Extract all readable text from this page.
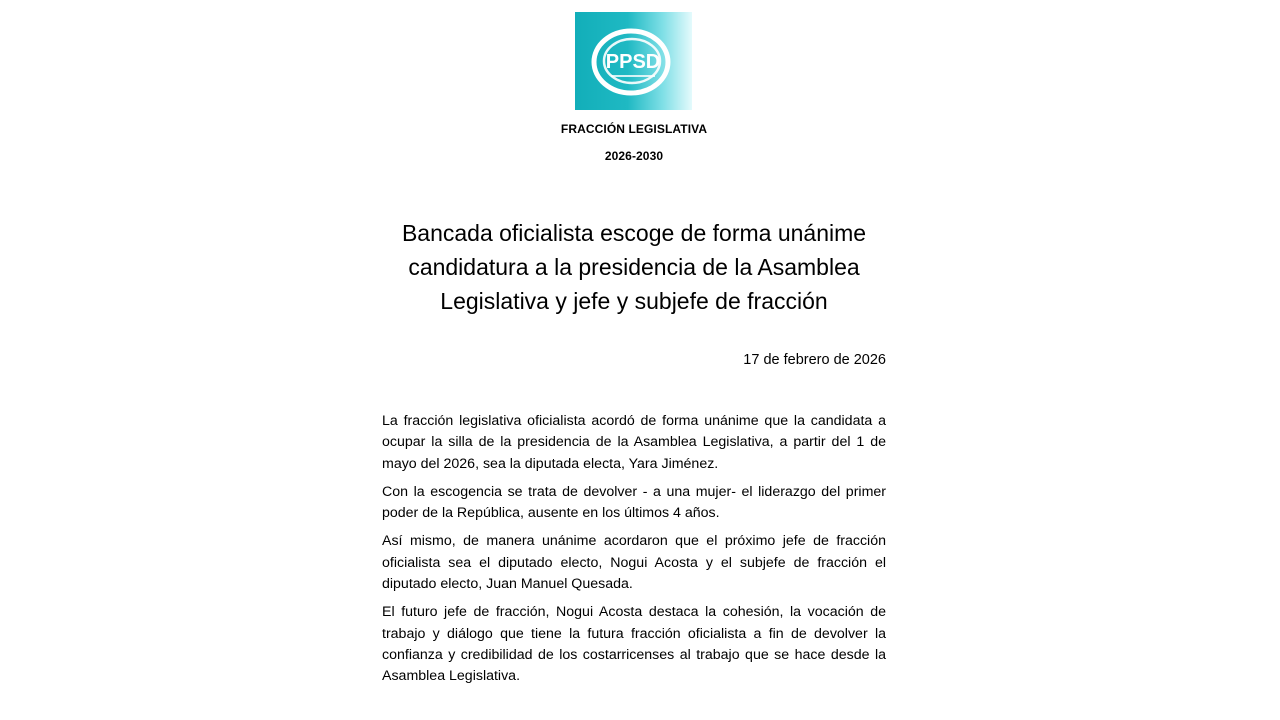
PPSD
FRACCIÓN LEGISLATIVA
2026-2030
Bancada oficialista escoge de forma unánime candidatura a la presidencia de la Asamblea Legislativa y jefe y subjefe de fracción
17 de febrero de 2026

La fracción legislativa oficialista acordó de forma unánime que la candidata a ocupar la silla de la presidencia de la Asamblea Legislativa, a partir del 1 de mayo del 2026, sea la diputada electa, Yara Jiménez.

Con la escogencia se trata de devolver - a una mujer- el liderazgo del primer poder de la República, ausente en los últimos 4 años.

Así mismo, de manera unánime acordaron que el próximo jefe de fracción oficialista sea el diputado electo, Nogui Acosta y el subjefe de fracción el diputado electo, Juan Manuel Quesada.

El futuro jefe de fracción, Nogui Acosta destaca la cohesión, la vocación de trabajo y diálogo que tiene la futura fracción oficialista a fin de devolver la confianza y credibilidad de los costarricenses al trabajo que se hace desde la Asamblea Legislativa.
